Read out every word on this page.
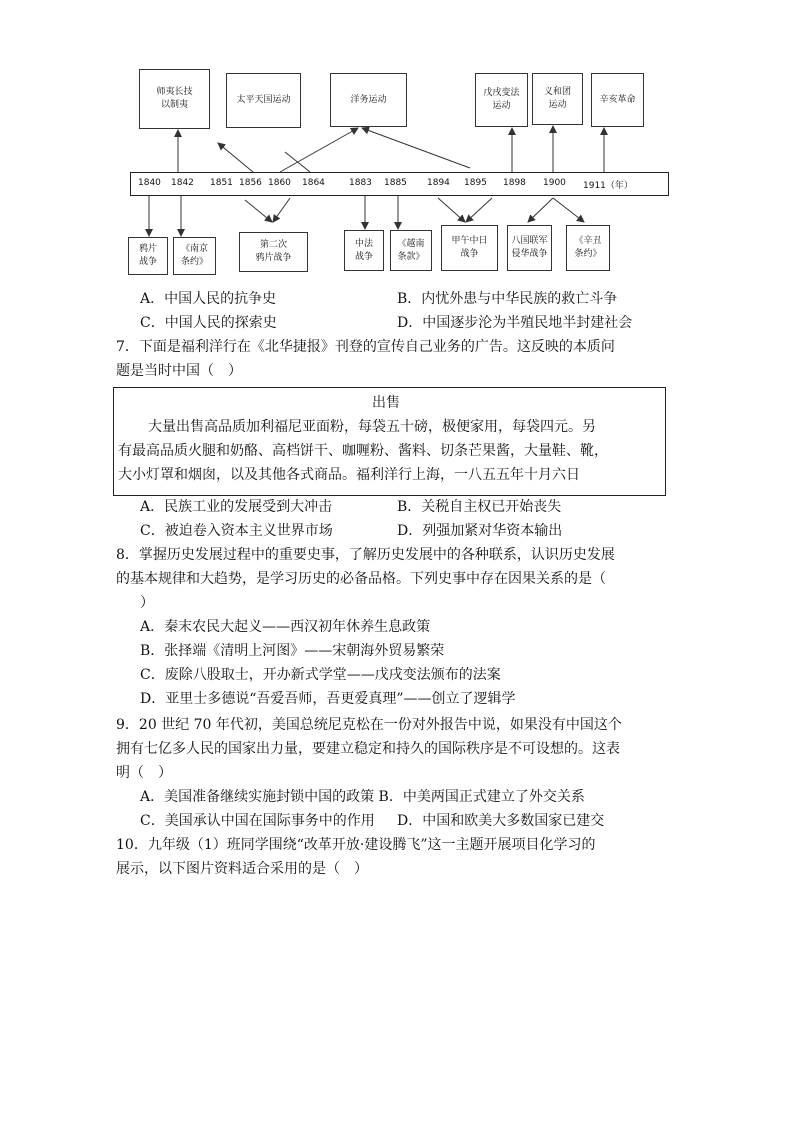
师夷长技
以制夷	太平天国运动	洋务运动
戊戌变法
运动
义和团
运动
辛亥革命
1840 1842 1851 1856 1860 1864	1883 1885 1894 1895 1898 1900 1911（年）
鸦片
战争
《南京
条约》
第二次
鸦片战争
中法
战争
《越南
条款》
甲午中日
战争
八国联军
侵华战争
《辛丑
条约》
A．中国人民的抗争史	B．内忧外患与中华民族的救亡斗争
C．中国人民的探索史	D．中国逐步沦为半殖民地半封建社会
7．下面是福利洋行在《北华捷报》刊登的宣传自己业务的广告。这反映的本质问
题是当时中国（　）
出售
大量出售高品质加利福尼亚面粉，每袋五十磅，极便家用，每袋四元。另
有最高品质火腿和奶酪、高档饼干、咖喱粉、酱料、切条芒果酱，大量鞋、靴，
大小灯罩和烟囱，以及其他各式商品。福利洋行上海，一八五五年十月六日
A．民族工业的发展受到大冲击	B．关税自主权已开始丧失
C．被迫卷入资本主义世界市场	D．列强加紧对华资本输出
8．掌握历史发展过程中的重要史事，了解历史发展中的各种联系，认识历史发展
的基本规律和大趋势，是学习历史的必备品格。下列史事中存在因果关系的是（
）
A．秦末农民大起义——西汉初年休养生息政策
B．张择端《清明上河图》——宋朝海外贸易繁荣
C．废除八股取士，开办新式学堂——戊戌变法颁布的法案
D．亚里士多德说“吾爱吾师，吾更爱真理”——创立了逻辑学
9．20 世纪 70 年代初，美国总统尼克松在一份对外报告中说，如果没有中国这个
拥有七亿多人民的国家出力量，要建立稳定和持久的国际秩序是不可设想的。这表
明（　）
A．美国准备继续实施封锁中国的政策 B．中美两国正式建立了外交关系
C．美国承认中国在国际事务中的作用 D．中国和欧美大多数国家已建交
10．九年级（1）班同学围绕“改革开放·建设腾飞”这一主题开展项目化学习的
展示，以下图片资料适合采用的是（　）
